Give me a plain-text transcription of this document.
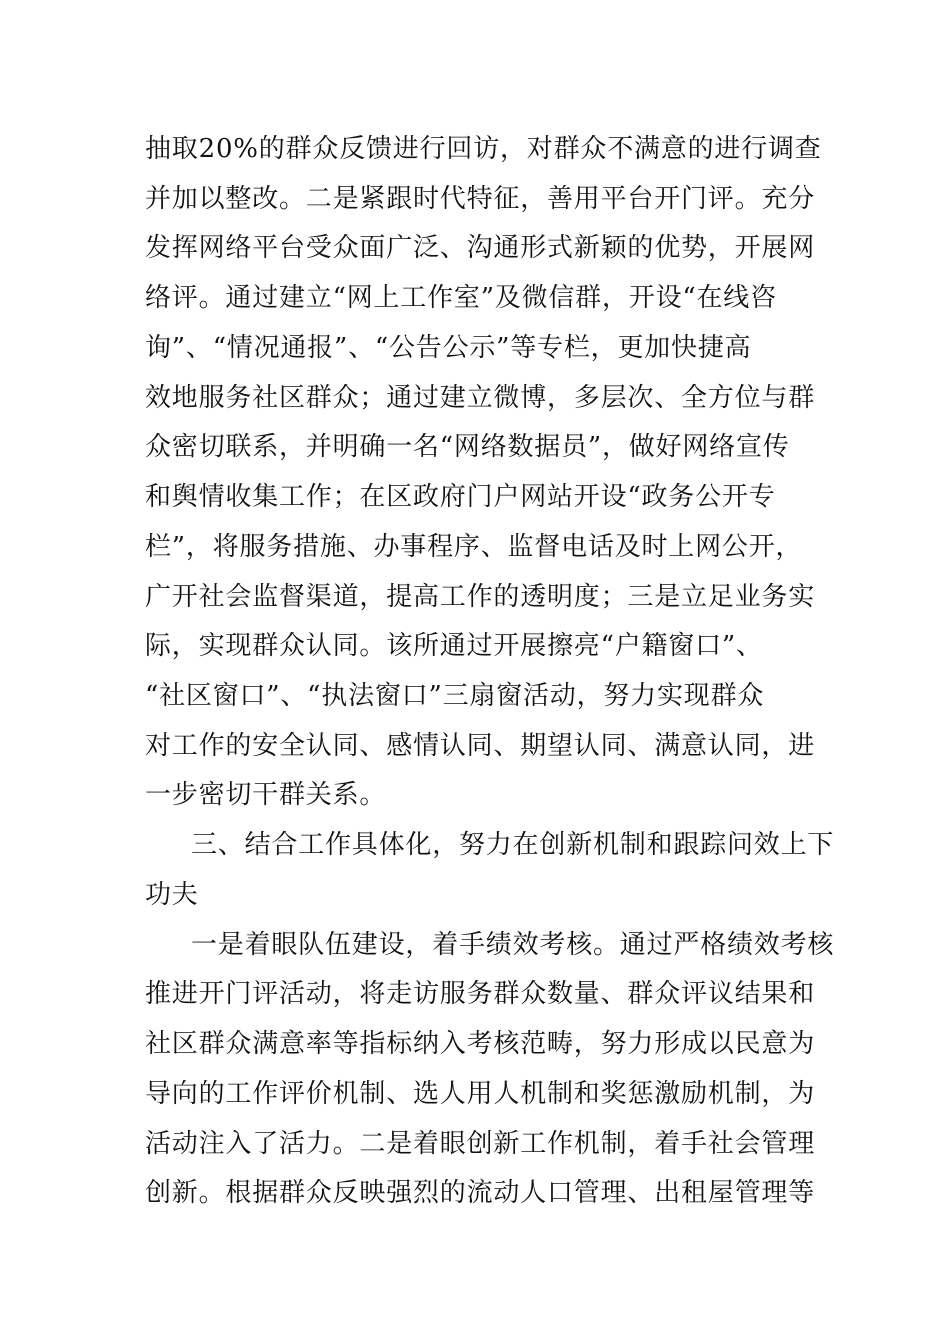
抽取20%的群众反馈进行回访，对群众不满意的进行调查
并加以整改。二是紧跟时代特征，善用平台开门评。充分
发挥网络平台受众面广泛、沟通形式新颖的优势，开展网
络评。通过建立“网上工作室”及微信群，开设“在线咨
询”、“情况通报”、“公告公示”等专栏，更加快捷高
效地服务社区群众；通过建立微博，多层次、全方位与群
众密切联系，并明确一名“网络数据员”，做好网络宣传
和舆情收集工作；在区政府门户网站开设“政务公开专
栏”，将服务措施、办事程序、监督电话及时上网公开，
广开社会监督渠道，提高工作的透明度；三是立足业务实
际，实现群众认同。该所通过开展擦亮“户籍窗口”、
“社区窗口”、“执法窗口”三扇窗活动，努力实现群众
对工作的安全认同、感情认同、期望认同、满意认同，进
一步密切干群关系。
三、结合工作具体化，努力在创新机制和跟踪问效上下
功夫
一是着眼队伍建设，着手绩效考核。通过严格绩效考核
推进开门评活动，将走访服务群众数量、群众评议结果和
社区群众满意率等指标纳入考核范畴，努力形成以民意为
导向的工作评价机制、选人用人机制和奖惩激励机制，为
活动注入了活力。二是着眼创新工作机制，着手社会管理
创新。根据群众反映强烈的流动人口管理、出租屋管理等
